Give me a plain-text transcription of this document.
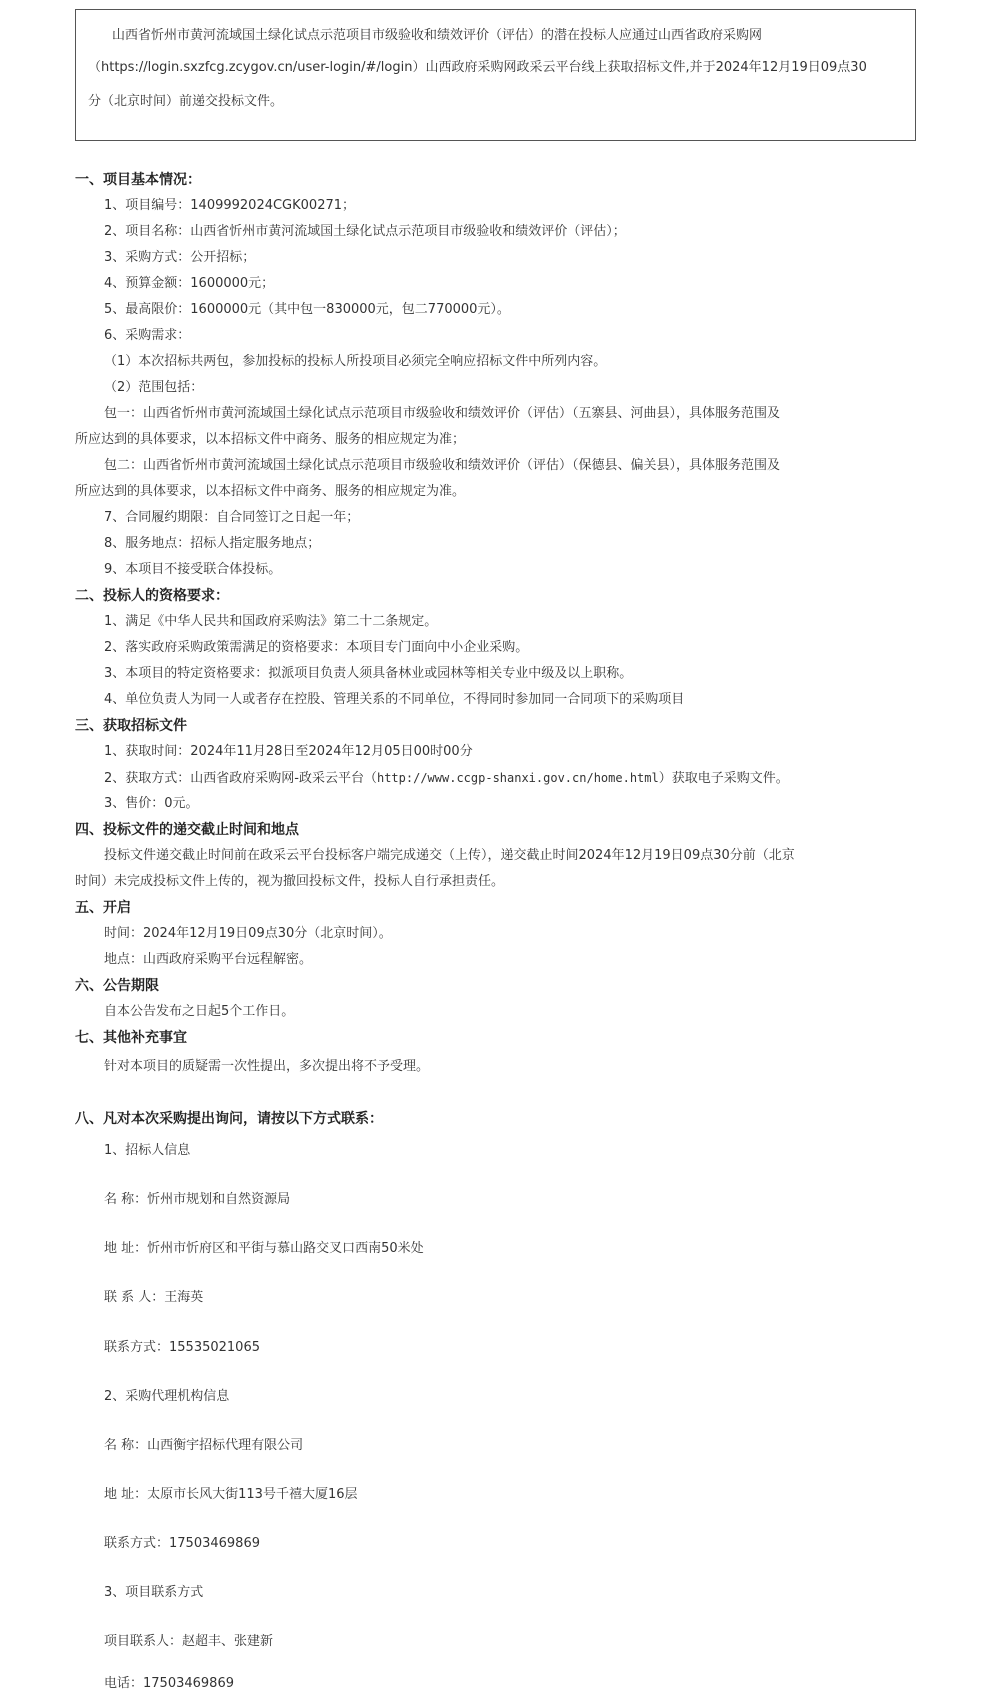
山西省忻州市黄河流域国土绿化试点示范项目市级验收和绩效评价（评估）的潜在投标人应通过山西省政府采购网
（https://login.sxzfcg.zcygov.cn/user-login/#/login）山西政府采购网政采云平台线上获取招标文件,并于2024年12月19日09点30
分（北京时间）前递交投标文件。
一、项目基本情况：
1、项目编号：1409992024CGK00271；
2、项目名称：山西省忻州市黄河流域国土绿化试点示范项目市级验收和绩效评价（评估）；
3、采购方式：公开招标；
4、预算金额：1600000元；
5、最高限价：1600000元（其中包一830000元，包二770000元）。
6、采购需求：
（1）本次招标共两包，参加投标的投标人所投项目必须完全响应招标文件中所列内容。
（2）范围包括：
包一：山西省忻州市黄河流域国土绿化试点示范项目市级验收和绩效评价（评估）（五寨县、河曲县），具体服务范围及
所应达到的具体要求，以本招标文件中商务、服务的相应规定为准；
包二：山西省忻州市黄河流域国土绿化试点示范项目市级验收和绩效评价（评估）（保德县、偏关县），具体服务范围及
所应达到的具体要求，以本招标文件中商务、服务的相应规定为准。
7、合同履约期限：自合同签订之日起一年；
8、服务地点：招标人指定服务地点；
9、本项目不接受联合体投标。
二、投标人的资格要求：
1、满足《中华人民共和国政府采购法》第二十二条规定。
2、落实政府采购政策需满足的资格要求：本项目专门面向中小企业采购。
3、本项目的特定资格要求：拟派项目负责人须具备林业或园林等相关专业中级及以上职称。
4、单位负责人为同一人或者存在控股、管理关系的不同单位，不得同时参加同一合同项下的采购项目
三、获取招标文件
1、获取时间：2024年11月28日至2024年12月05日00时00分
2、获取方式：山西省政府采购网-政采云平台（http://www.ccgp-shanxi.gov.cn/home.html）获取电子采购文件。
3、售价：0元。
四、投标文件的递交截止时间和地点
投标文件递交截止时间前在政采云平台投标客户端完成递交（上传），递交截止时间2024年12月19日09点30分前（北京
时间）未完成投标文件上传的，视为撤回投标文件，投标人自行承担责任。
五、开启
时间：2024年12月19日09点30分（北京时间）。
地点：山西政府采购平台远程解密。
六、公告期限
自本公告发布之日起5个工作日。
七、其他补充事宜
针对本项目的质疑需一次性提出，多次提出将不予受理。
八、凡对本次采购提出询问，请按以下方式联系：
1、招标人信息
名 称：忻州市规划和自然资源局
地 址：忻州市忻府区和平街与慕山路交叉口西南50米处
联 系 人：王海英
联系方式：15535021065
2、采购代理机构信息
名 称：山西衡宇招标代理有限公司
地 址：太原市长风大街113号千禧大厦16层
联系方式：17503469869
3、项目联系方式
项目联系人：赵超丰、张建新
电话：17503469869
